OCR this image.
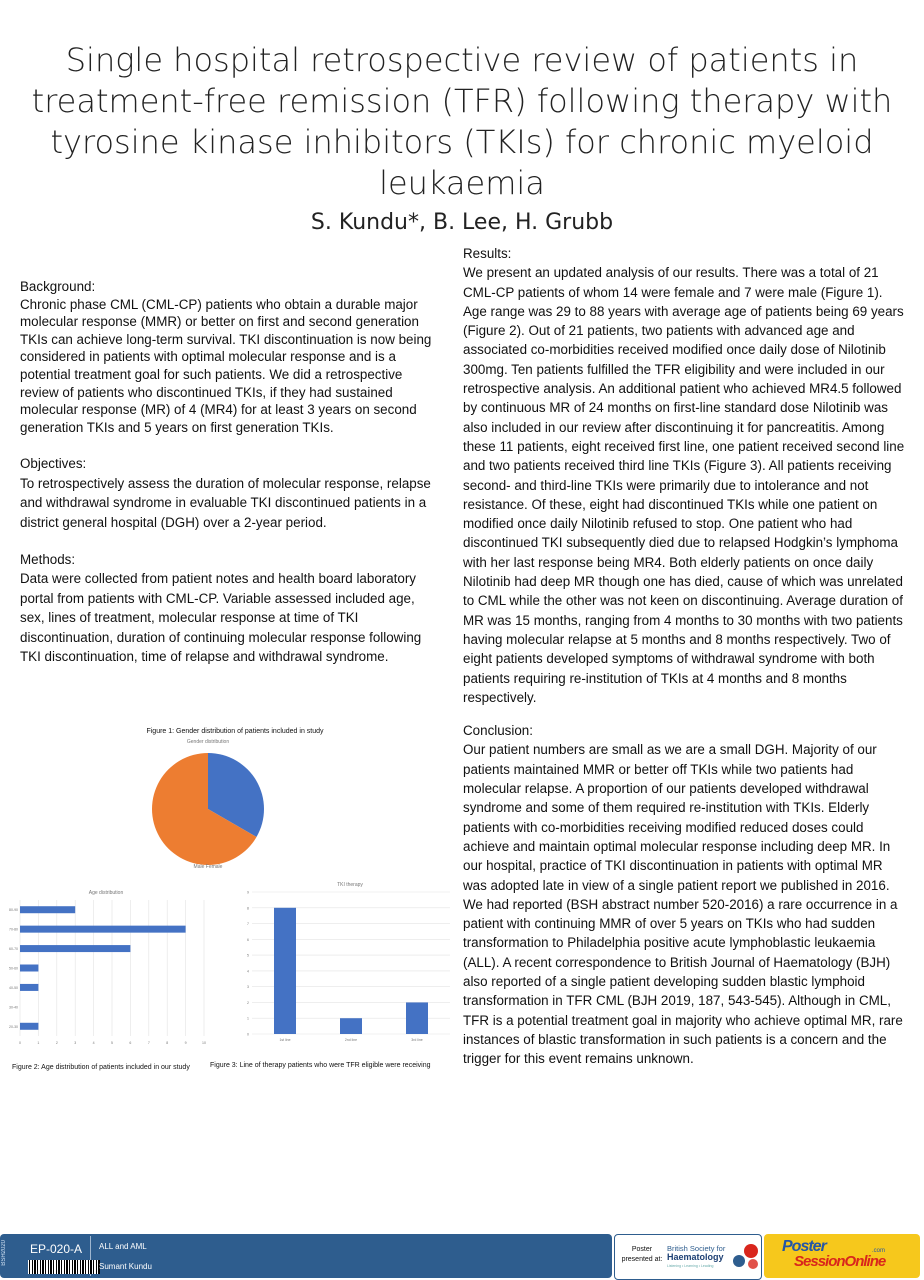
Single hospital retrospective review of patients in treatment-free remission (TFR) following therapy with tyrosine kinase inhibitors (TKIs) for chronic myeloid leukaemia
S. Kundu*, B. Lee, H. Grubb

Background:

Chronic phase CML (CML-CP) patients who obtain a durable major molecular response (MMR) or better on first and second generation TKIs can achieve long-term survival. TKI discontinuation is now being considered in patients with optimal molecular response and is a potential treatment goal for such patients. We did a retrospective review of patients who discontinued TKIs, if they had sustained molecular response (MR) of 4 (MR4) for at least 3 years on second generation TKIs and 5 years on first generation TKIs.

Objectives:

To retrospectively assess the duration of molecular response, relapse and withdrawal syndrome in evaluable TKI discontinued patients in a district general hospital (DGH) over a 2-year period.

Methods:

Data were collected from patient notes and health board laboratory portal from patients with CML-CP. Variable assessed included age, sex, lines of treatment, molecular response at time of TKI discontinuation, duration of continuing molecular response following TKI discontinuation, time of relapse and withdrawal syndrome.

Results:

We present an updated analysis of our results. There was a total of 21 CML-CP patients of whom 14 were female and 7 were male (Figure 1). Age range was 29 to 88 years with average age of patients being 69 years (Figure 2). Out of 21 patients, two patients with advanced age and associated co-morbidities received modified once daily dose of Nilotinib 300mg. Ten patients fulfilled the TFR eligibility and were included in our retrospective analysis. An additional patient who achieved MR4.5 followed by continuous MR of 24 months on first-line standard dose Nilotinib was also included in our review after discontinuing it for pancreatitis. Among these 11 patients, eight received first line, one patient received second line and two patients received third line TKIs (Figure 3). All patients receiving second- and third-line TKIs were primarily due to intolerance and not resistance. Of these, eight had discontinued TKIs while one patient on modified once daily Nilotinib refused to stop. One patient who had discontinued TKI subsequently died due to relapsed Hodgkin’s lymphoma with her last response being MR4. Both elderly patients on once daily Nilotinib had deep MR though one has died, cause of which was unrelated to CML while the other was not keen on discontinuing. Average duration of MR was 15 months, ranging from 4 months to 30 months with two patients having molecular relapse at 5 months and 8 months respectively. Two of eight patients developed symptoms of withdrawal syndrome with both patients requiring re-institution of TKIs at 4 months and 8 months respectively.

Conclusion:

Our patient numbers are small as we are a small DGH. Majority of our patients maintained MMR or better off TKIs while two patients had molecular relapse. A proportion of our patients developed withdrawal syndrome and some of them required re-institution with TKIs. Elderly patients with co-morbidities receiving modified reduced doses could achieve and maintain optimal molecular response including deep MR. In our hospital, practice of TKI discontinuation in patients with optimal MR was adopted late in view of a single patient report we published in 2016. We had reported (BSH abstract number 520-2016) a rare occurrence in a patient with continuing MMR of over 5 years on TKIs who had sudden transformation to Philadelphia positive acute lymphoblastic leukaemia (ALL). A recent correspondence to British Journal of Haematology (BJH) also reported of a single patient developing sudden blastic lymphoid transformation in TFR CML (BJH 2019, 187, 543-545). Although in CML, TFR is a potential treatment goal in majority who achieve optimal MR, rare instances of blastic transformation in such patients is a concern and the trigger for this event remains unknown.

Figure 1: Gender distribution of patients included in study
Gender distribution
Male Female
Age distribution
0	1	2	3	4	5	6	7	8	9	10
20-30
30-40
40-50
50-60
60-70
70-80
80-90
Figure 2: Age distribution of patients included in our study
TKI therapy
0
1
2
3
4
5
6
7
8
9
1st line	2nd line	3rd line
Figure 3: Line of therapy patients who were TFR eligible were receiving
BSH2020 EP-020-A ALL and AML
Sumant Kundu
Poster presented at:
British Society for
Haematology
Listening • Learning • Leading
Poster
SessionOnline
.com
